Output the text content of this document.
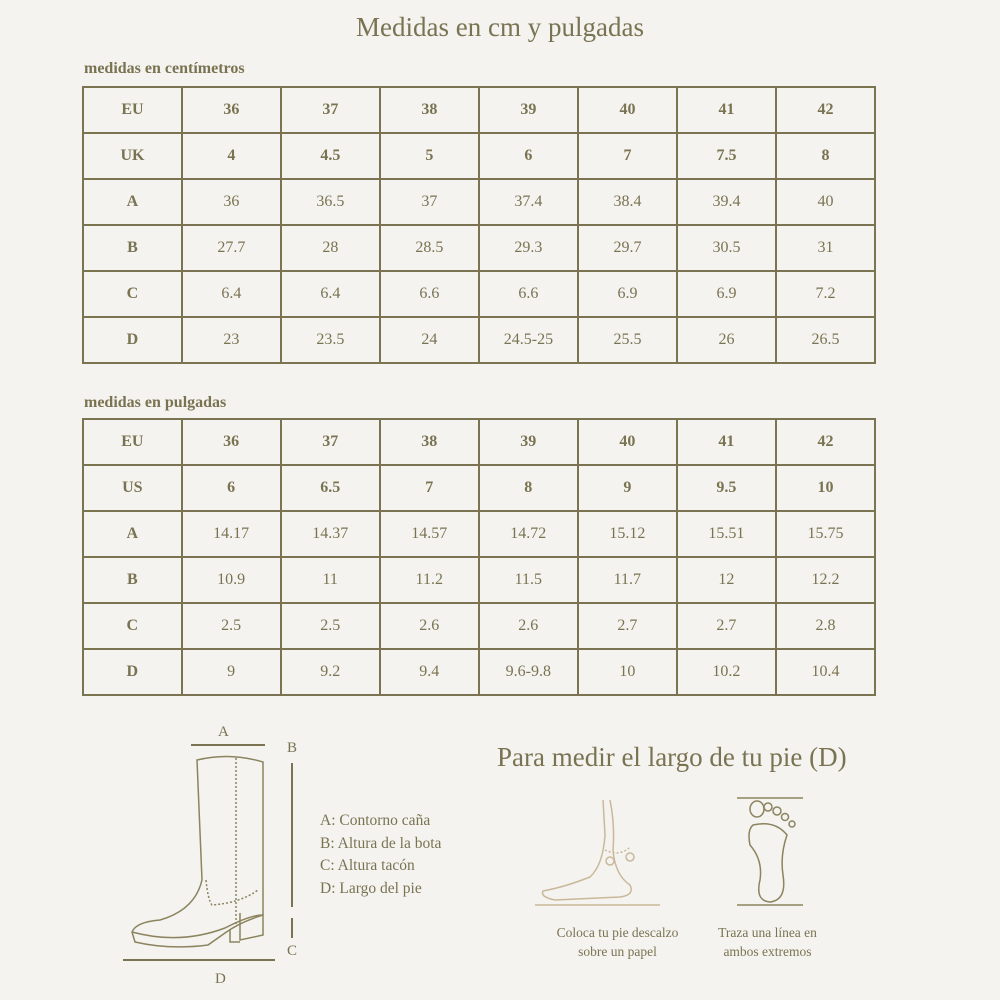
Medidas en cm y pulgadas
medidas en centímetros
EU	36	37	38	39	40	41	42
UK	4	4.5	5	6	7	7.5	8
A	36	36.5	37	37.4	38.4	39.4	40
B	27.7	28	28.5	29.3	29.7	30.5	31
C	6.4	6.4	6.6	6.6	6.9	6.9	7.2
D	23	23.5	24	24.5-25	25.5	26	26.5
medidas en pulgadas
EU	36	37	38	39	40	41	42
US	6	6.5	7	8	9	9.5	10
A	14.17	14.37	14.57	14.72	15.12	15.51	15.75
B	10.9	11	11.2	11.5	11.7	12	12.2
C	2.5	2.5	2.6	2.6	2.7	2.7	2.8
D	9	9.2	9.4	9.6-9.8	10	10.2	10.4
A
B
C
D
A: Contorno caña
B: Altura de la bota
C: Altura tacón
D: Largo del pie
Para medir el largo de tu pie (D)
Coloca tu pie descalzo
sobre un papel
Traza una línea en
ambos extremos
